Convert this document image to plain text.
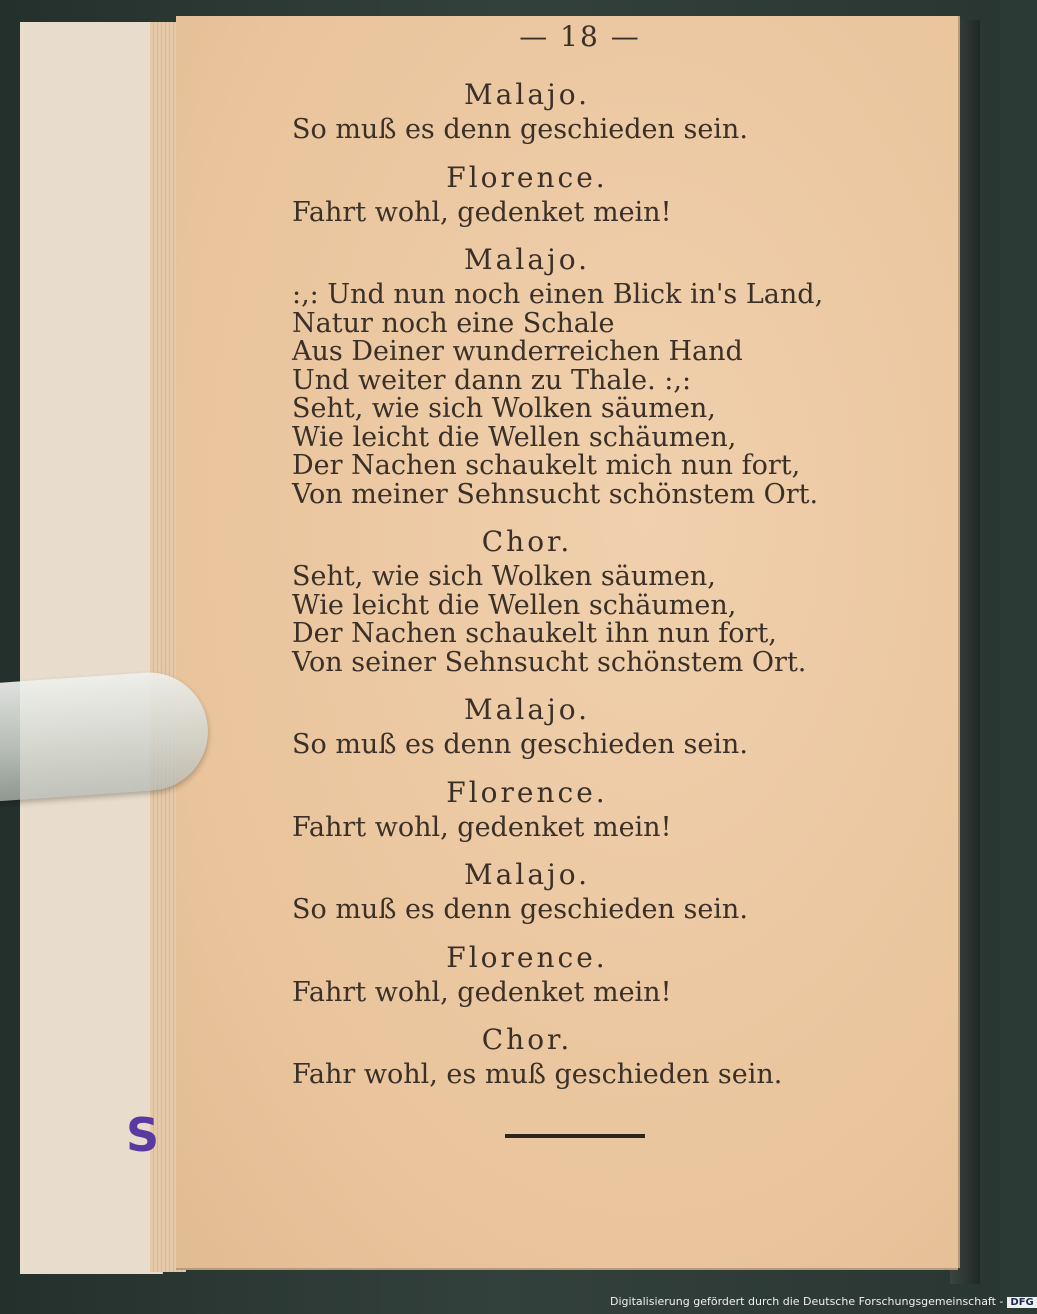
— 18 —
Malajo.
So muß es denn geschieden sein.
Florence.
Fahrt wohl, gedenket mein!
Malajo.
:,: Und nun noch einen Blick in's Land,
Natur noch eine Schale
Aus Deiner wunderreichen Hand
Und weiter dann zu Thale. :,:
Seht, wie sich Wolken säumen,
Wie leicht die Wellen schäumen,
Der Nachen schaukelt mich nun fort,
Von meiner Sehnsucht schönstem Ort.
Chor.
Seht, wie sich Wolken säumen,
Wie leicht die Wellen schäumen,
Der Nachen schaukelt ihn nun fort,
Von seiner Sehnsucht schönstem Ort.
Malajo.
So muß es denn geschieden sein.
Florence.
Fahrt wohl, gedenket mein!
Malajo.
So muß es denn geschieden sein.
Florence.
Fahrt wohl, gedenket mein!
Chor.
Fahr wohl, es muß geschieden sein.
S
Digitalisierung gefördert durch die Deutsche Forschungsgemeinschaft - DFG
